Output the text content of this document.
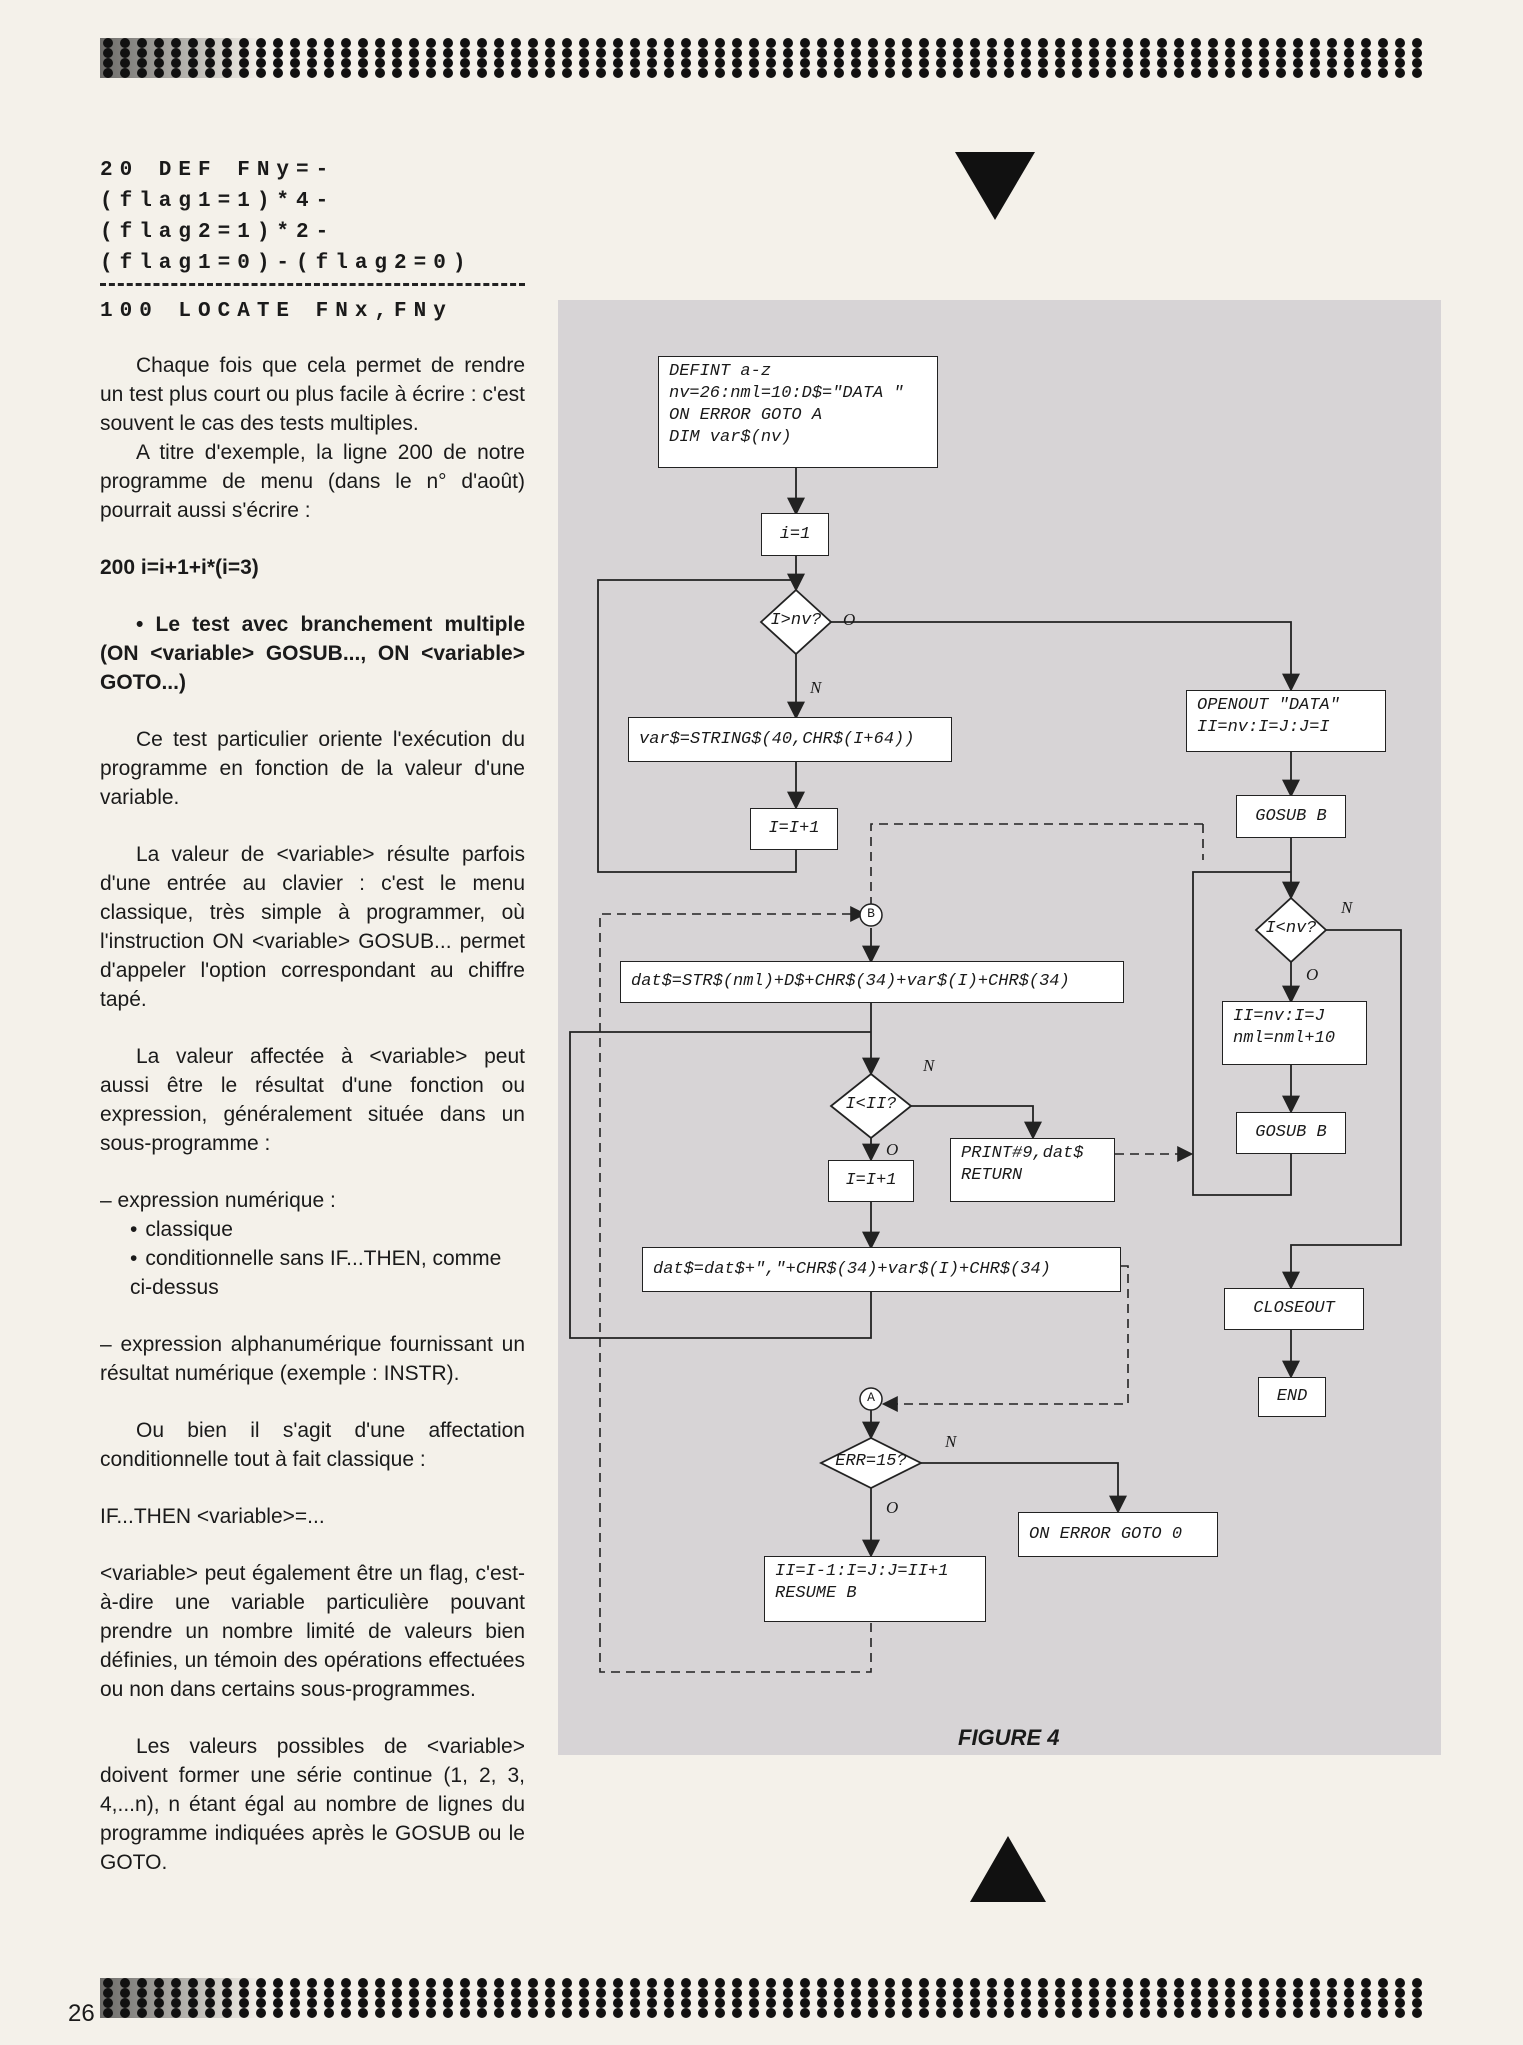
20 DEF FNy=-(flag1=1)*4-(flag2=1)*2-(flag1=0)-(flag2=0)

100 LOCATE FNx,FNy

Chaque fois que cela permet de rendre un test plus court ou plus facile à écrire : c'est souvent le cas des tests multiples.

A titre d'exemple, la ligne 200 de notre programme de menu (dans le n° d'août) pourrait aussi s'écrire :

200 i=i+1+i*(i=3)

• Le test avec branchement multiple (ON <variable> GOSUB..., ON <variable> GOTO...)

Ce test particulier oriente l'exécution du programme en fonction de la valeur d'une variable.

La valeur de <variable> résulte parfois d'une entrée au clavier : c'est le menu classique, très simple à programmer, où l'instruction ON <variable> GOSUB... permet d'appeler l'option correspondant au chiffre tapé.

La valeur affectée à <variable> peut aussi être le résultat d'une fonction ou expression, généralement située dans un sous-programme :

– expression numérique :

• classique
• conditionnelle sans IF...THEN, comme ci-dessus

– expression alphanumérique fournissant un résultat numérique (exemple : INSTR).

Ou bien il s'agit d'une affectation conditionnelle tout à fait classique :

IF...THEN <variable>=...

<variable> peut également être un flag, c'est-à-dire une variable particulière pouvant prendre un nombre limité de valeurs bien définies, un témoin des opérations effectuées ou non dans certains sous-programmes.

Les valeurs possibles de <variable> doivent former une série continue (1, 2, 3, 4,...n), n étant égal au nombre de lignes du programme indiquées après le GOSUB ou le GOTO.

DEFINT a-z
nv=26:nml=10:D$="DATA "
ON ERROR GOTO A
DIM var$(nv)
i=1
I>nv?	O
N
var$=STRING$(40,CHR$(I+64))
I=I+1
OPENOUT "DATA"
II=nv:I=J:J=I
GOSUB B
I<nv?
N
O
II=nv:I=J
nml=nml+10
GOSUB B
B
dat$=STR$(nml)+D$+CHR$(34)+var$(I)+CHR$(34)
I<II?
N
O
I=I+1
PRINT#9,dat$
RETURN
dat$=dat$+","+CHR$(34)+var$(I)+CHR$(34)
CLOSEOUT
END
A
ERR=15?
N
O
ON ERROR GOTO 0
II=I-1:I=J:J=II+1
RESUME B
FIGURE 4
26
